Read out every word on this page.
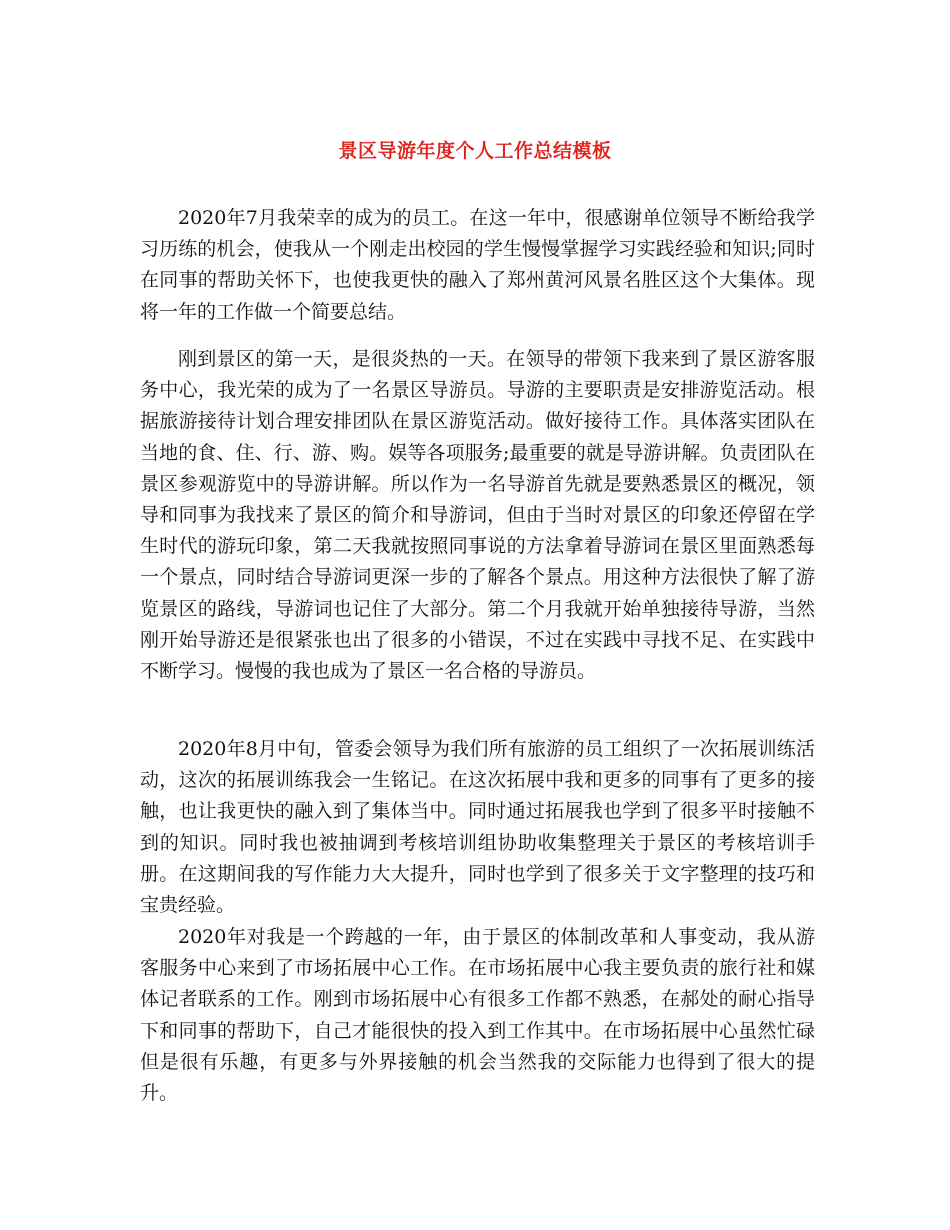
景区导游年度个人工作总结模板

2020年7月我荣幸的成为的员工。在这一年中，很感谢单位领导不断给我学习历练的机会，使我从一个刚走出校园的学生慢慢掌握学习实践经验和知识;同时在同事的帮助关怀下，也使我更快的融入了郑州黄河风景名胜区这个大集体。现将一年的工作做一个简要总结。

刚到景区的第一天，是很炎热的一天。在领导的带领下我来到了景区游客服务中心，我光荣的成为了一名景区导游员。导游的主要职责是安排游览活动。根据旅游接待计划合理安排团队在景区游览活动。做好接待工作。具体落实团队在当地的食、住、行、游、购。娱等各项服务;最重要的就是导游讲解。负责团队在景区参观游览中的导游讲解。所以作为一名导游首先就是要熟悉景区的概况，领导和同事为我找来了景区的简介和导游词，但由于当时对景区的印象还停留在学生时代的游玩印象，第二天我就按照同事说的方法拿着导游词在景区里面熟悉每一个景点，同时结合导游词更深一步的了解各个景点。用这种方法很快了解了游览景区的路线，导游词也记住了大部分。第二个月我就开始单独接待导游，当然刚开始导游还是很紧张也出了很多的小错误，不过在实践中寻找不足、在实践中不断学习。慢慢的我也成为了景区一名合格的导游员。

2020年8月中旬，管委会领导为我们所有旅游的员工组织了一次拓展训练活动，这次的拓展训练我会一生铭记。在这次拓展中我和更多的同事有了更多的接触，也让我更快的融入到了集体当中。同时通过拓展我也学到了很多平时接触不到的知识。同时我也被抽调到考核培训组协助收集整理关于景区的考核培训手册。在这期间我的写作能力大大提升，同时也学到了很多关于文字整理的技巧和宝贵经验。

2020年对我是一个跨越的一年，由于景区的体制改革和人事变动，我从游客服务中心来到了市场拓展中心工作。在市场拓展中心我主要负责的旅行社和媒体记者联系的工作。刚到市场拓展中心有很多工作都不熟悉，在郝处的耐心指导下和同事的帮助下，自己才能很快的投入到工作其中。在市场拓展中心虽然忙碌但是很有乐趣，有更多与外界接触的机会当然我的交际能力也得到了很大的提升。
